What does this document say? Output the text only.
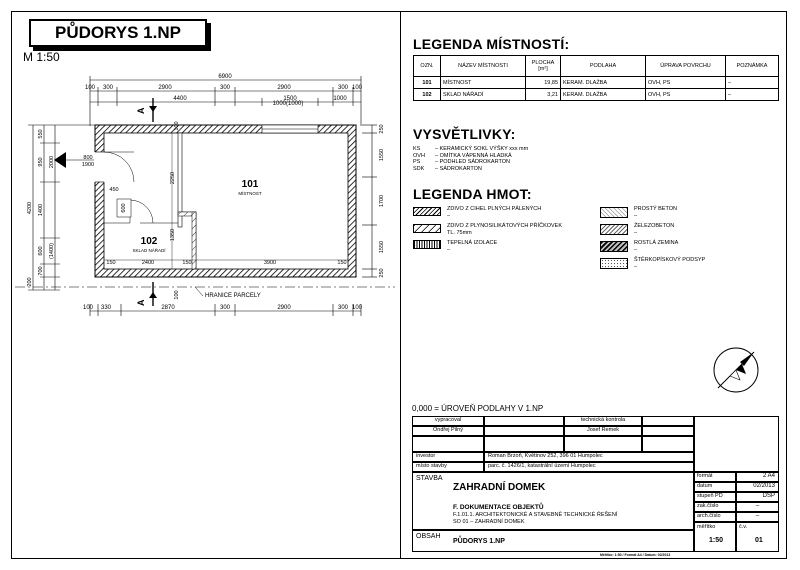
PŮDORYS 1.NP
M 1:50
6900
100 300	2900	300	2900	300 100
4400	1500	1000
1000(1000)
A
101
MÍSTNOST
102
SKLAD NÁŘADÍ
800
1900
450
600
2250
1350
150	2400	150	3900	150
100
100
4200
550
950
1400
600
700
200
2000
(1400)
250
1550
1700
1550
250
HRANICE PARCELY
A
100 330	2870	300	2900	300 100
LEGENDA MÍSTNOSTÍ:
OZN.	NÁZEV MÍSTNOSTI	PLOCHA [m²]	PODLAHA	ÚPRAVA POVRCHU	POZNÁMKA
101	MÍSTNOST	19,85	KERAM. DLAŽBA	OVH, PS	–
102	SKLAD NÁŘADÍ	3,21	KERAM. DLAŽBA	OVH, PS	–
VYSVĚTLIVKY:
KS	– KERAMICKÝ SOKL VÝŠKY xxx mm
OVH – OMÍTKA VÁPENNÁ HLADKÁ
PS	– PODHLED SÁDROKARTON
SDK – SÁDROKARTON
LEGENDA HMOT:
ZDIVO Z CIHEL PLNÝCH PÁLENÝCH
–
ZDIVO Z PLYNOSILIKÁTOVÝCH PŘÍČKOVEK
TL. 75mm
TEPELNÁ IZOLACE
–
PROSTÝ BETON
–
ŽELEZOBETON
–
ROSTLÁ ZEMINA
–
ŠTĚRKOPÍSKOVÝ PODSYP
–
0,000 = ÚROVEŇ PODLAHY V 1.NP
vypracoval	technická kontrola
Ondřej Pilný	Josef Řemek
investor	Roman Brzoň, Květinov 252, 396 01 Humpolec
místo stavby	parc. č. 1426/1, katastrální území Humpolec
STAVBA
ZAHRADNÍ DOMEK
F. DOKUMENTACE OBJEKTŮ
F.1.01.1. ARCHITEKTONICKÉ A STAVEBNĚ TECHNICKÉ ŘEŠENÍ
SO 01 – ZAHRADNÍ DOMEK
OBSAH
PŮDORYS 1.NP
formát	2 A4
datum	02/2013
stupeň PD	DSP
zak.číslo	–
arch.číslo	–
měřítko
1:50
č.v.
01
Měřítko: 1:50 / Formát A4 / Datum: 02/2013
